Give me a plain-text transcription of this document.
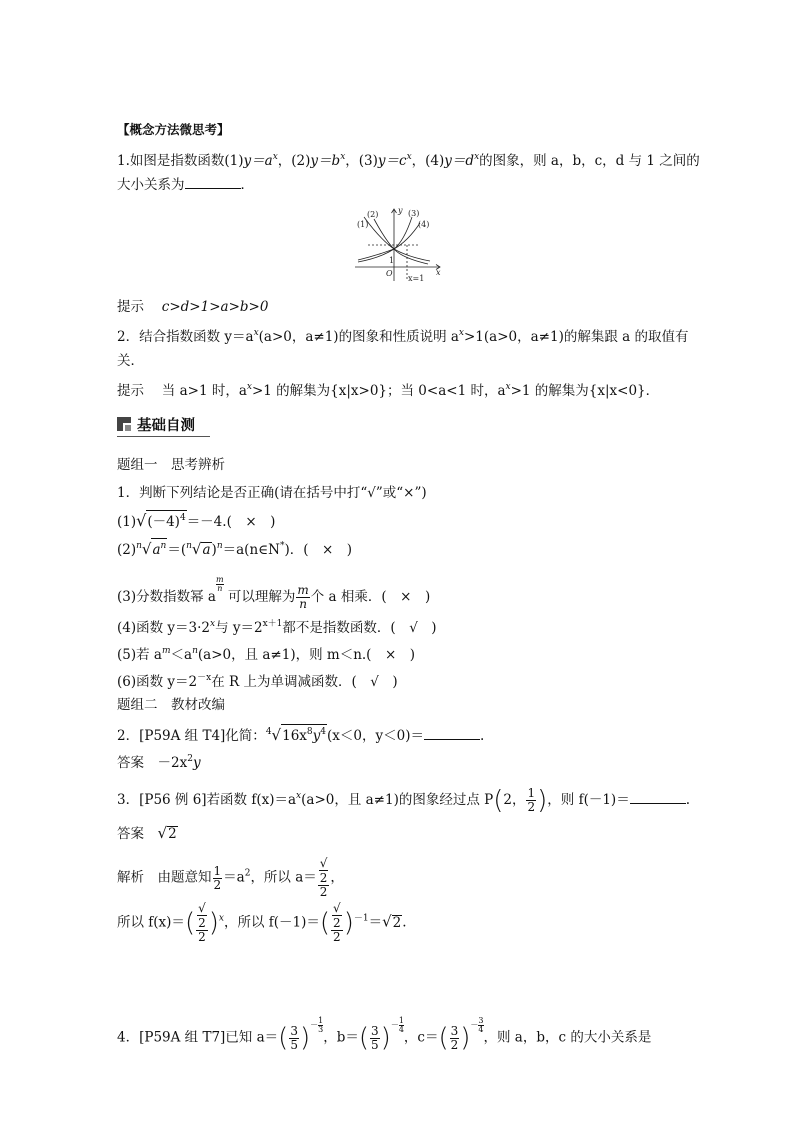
【概念方法微思考】
1.如图是指数函数$(1)y=a^x$，$(2)y=b^x$，$(3)y=c^x$，$(4)y=d^x$的图象，则 a，b，c，d 与 1 之间的
大小关系为	．
(1)
(2)	(3)
(4)
y
x
O
1
x=1
提示　 c>d>1>a>b>0
2．结合指数函数 $y=a^x(a>0$，a≠1)的图象和性质说明 $a^x>1(a>0$，a≠1)的解集跟 a 的取值有
关．
提示　 当 a>1 时，$a^x>1$ 的解集为{x|x>0}；当 0<a<1 时，$a^x>1$ 的解集为{x|x<0}．
基础自测
题组一　思考辨析
1．判断下列结论是否正确(请在括号中打“√”或“×”)
$(1)√(-4)^4=-4$.(　×　)
$(2)^n√a^n=(^n√a)^n=a(n\in N^*)$．(　×　)
(3)分数指数幂 a
$\frac{m}{n}$
可以理解为 $\frac{m}{n}$ 个 a 相乘．(　×　)
(4)函数 $y=3\cdot 2^x$与 $y=2^{x+1}$都不是指数函数．(　√　)
(5)若 $a^m<a^n(a>0$，且 a≠1)，则 m＜n.(　×　)
(6)函数 $y=2^{-x}$在 R 上为单调减函数．(　√　)
题组二　教材改编
2．[P59A 组 T4]化简：$^4√16x^8y^4(x<0$，y＜0)＝	.
答案　 $-2x^2y$
3．[P56 例 6]若函数 $f(x)=a^x(a>0$，且 a≠1)的图象经过点 P(2， $\frac{1}{2}$ )，则 f(－1)＝	.
答案　 √2
解析　 由题意知 $\frac{1}{2} =a^2$，所以 a＝ √
2
2 ，
所以 f(x)＝( √
2
2 )$^x$，所以 f(－1)＝( √
2
2 )$^{-1}$＝√2.
4．[P59A 组 T7]已知 $a=( \frac{3}{5}$ )－ $\frac{1}{3}$
，$b=( \frac{3}{5}$ )－ $\frac{1}{4}$
，$c=( \frac{3}{2}$ )－ $\frac{3}{4}$
，则 a，b，c 的大小关系是
